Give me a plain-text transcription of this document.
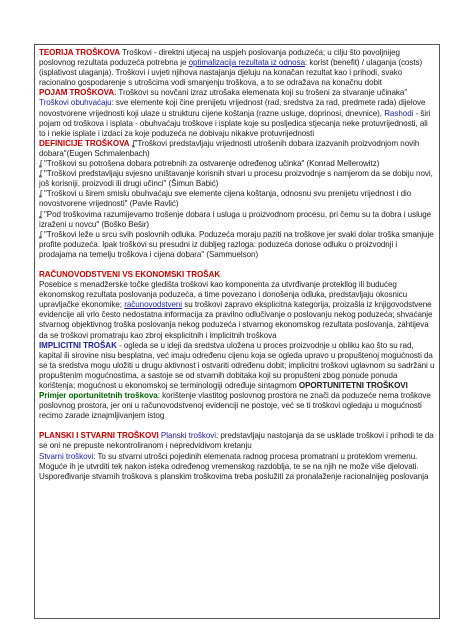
TEORIJA TROŠKOVA Troškovi - direktni utjecaj na uspjeh poslovanja poduzeća; u cilju što povoljnijeg poslovnog rezultata poduzeća potrebna je optimalizacija rezultata iz odnosa: korist (benefit) / ulaganja (costs) (isplativost ulaganja). Troškovi i uvjeti njihova nastajanja djeluju na konačan rezultat kao i prihodi, svako racionalno gospodarenje s utrošcima vodi smanjenju troškova, a to se odražava na konačnu dobit

POJAM TROŠKOVA: Troškovi su novčani izraz utrošaka elemenata koji su trošeni za stvaranje učinaka" Troškovi obuhvaćaju: sve elemente koji čine prenijetu vrijednost (rad, sredstva za rad, predmete rada) dijelove novostvorene vrijednosti koji ulaze u strukturu cijene koštanja (razne usluge, doprinosi, dnevnice), Rashodi - širi pojam od troškova i isplata - obuhvaćaju troškove i isplate koje su posljedica stjecanja neke protuvrijednosti, ali to i nekie isplate i izdaci za koje poduzeća ne dobivaju nikakve protuvrijednosti

DEFINICIJE TROŠKOVA ʆ"Troškovi predstavljaju vrijednosti utrošenih dobara izazvanih proizvodnjom novih dobara"(Eugen Schmalenbach)

ʆ "Troškovi su potrošena dobara potrebnih za ostvarenje određenog učinka" (Konrad Mellerowitz)

ʆ "Troškovi predstavljaju svjesno uništavanje korisnih stvari u procesu proizvodnje s namjerom da se dobiju novi, još korisniji, proizvodi ili drugi učinci" (Šimun Babić)

ʆ "Troškovi u širem smislu obuhvaćaju sve elemente cijena koštanja, odnosnu svu prenijetu vrijednost i dio novostvorene vrijednosti" (Pavle Ravlić)

ʆ "Pod troškovima razumijevamo trošenje dobara i usluga u proizvodnom procesu, pri čemu su ta dobra i usluge izraženi u novcu" (Boško Bešir)

ʆ "Troškovi leže u srcu svih poslovnih odluka. Poduzeća moraju paziti na troškove jer svaki dolar troška smanjuje profite poduzeća. Ipak troškovi su presudni iz dubljeg razloga: poduzeća donose odluku o proizvodnji i prodajama na temelju troškova i cijena dobara" (Sammuelson)

RAČUNOVODSTVENI VS EKONOMSKI TROŠAK

Posebice s menadžerske točke gledišta troškovi kao komponenta za utvrđivanje protekllog ili budućeg ekonomskog rezultata poslovanja poduzeća, a time povezano i donošenja odluka, predstavljaju okosnicu upravljačke ekonomike; računovodstveni su troškovi zapravo eksplicitna kategorija, proizašla iz knjigovodstvene evidencije ali vrlo često nedostatna informacija za pravilno odlučivanje o poslovanju nekog poduzeća; shvaćanje stvarnog objektivnog troška poslovanja nekog poduzeća i stvarnog ekonomskog rezultata poslovanja, zahtijeva da se troškovi promatraju kao zbroj eksplicitnih i implicitnih troškova

IMPLICITNI TROŠAK - ogleda se u ideji da sredstva uložena u proces proizvodnje u obliku kao što su rad, kapital ili sirovine nisu besplatna, već imaju određenu cijenu koja se ogleda upravo u propuštenoj mogućnosti da se ta sredstva mogu uložiti u drugu aktivnost i ostvariti određenu dobit; implicitni troškovi uglavnom su sadržani u propuštenim mogućnostima, a sastoje se od stvarnih dobitaka koji su propušteni zbog ponude ponuda korištenja; mogućnost u ekonomskoj se terminologiji određuje sintagmom OPORTUNITETNI TROŠKOVI

Primjer oportunitetnih troškova: korištenje vlastitog poslovnog prostora ne znači da poduzeće nema troškove poslovnog prostora, jer oni u računovodstvenoj evidenciji ne postoje, već se ti troškovi ogledaju u mogućnosti recimo zarade iznajmljivanjem istog

PLANSKI I STVARNI TROŠKOVI Planski troškovi: predstavljaju nastojanja da se usklade troškovi i prihodi te da se oni ne prepuste nekontroliranom i nepredvidivom kretanju

Stvarni troškovi: To su stvarni utrošci pojedinih elemenata radnog procesa promatrani u proteklom vremenu. Moguće ih je utvrditi tek nakon isteka određenog vremenskog razdoblja, te se na njih ne može više djelovati. Uspoređivanje stvarnih troškova s planskim troškovima treba poslužiti za pronalaženje racionalnijeg poslovanja
